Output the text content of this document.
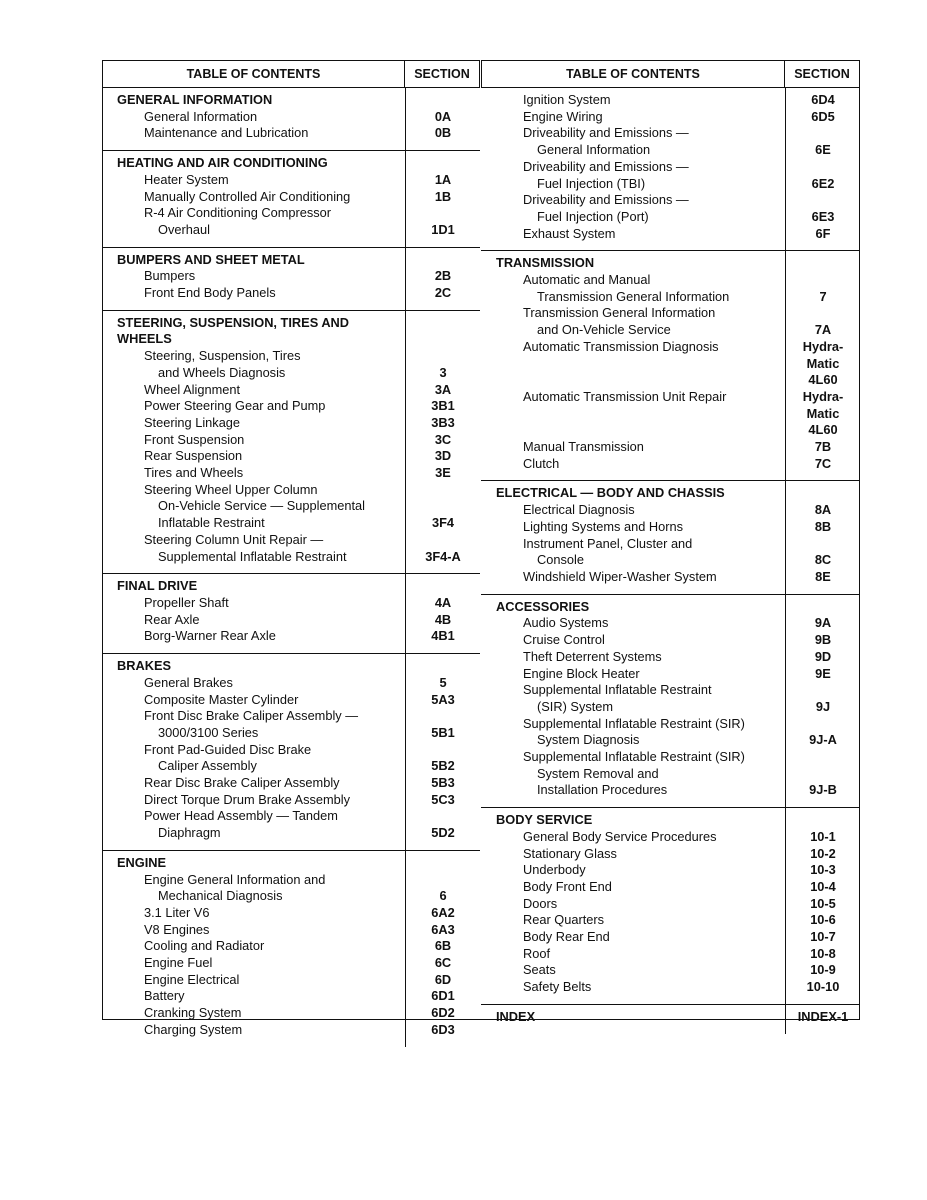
TABLE OF CONTENTS	SECTION
GENERAL INFORMATION
General Information	0A
Maintenance and Lubrication	0B
HEATING AND AIR CONDITIONING
Heater System	1A
Manually Controlled Air Conditioning	1B
R-4 Air Conditioning Compressor
Overhaul	1D1
BUMPERS AND SHEET METAL
Bumpers	2B
Front End Body Panels	2C
STEERING, SUSPENSION, TIRES AND
WHEELS
Steering, Suspension, Tires
and Wheels Diagnosis	3
Wheel Alignment	3A
Power Steering Gear and Pump	3B1
Steering Linkage	3B3
Front Suspension	3C
Rear Suspension	3D
Tires and Wheels	3E
Steering Wheel Upper Column
On-Vehicle Service — Supplemental
Inflatable Restraint	3F4
Steering Column Unit Repair —
Supplemental Inflatable Restraint	3F4-A
FINAL DRIVE
Propeller Shaft	4A
Rear Axle	4B
Borg-Warner Rear Axle	4B1
BRAKES
General Brakes	5
Composite Master Cylinder	5A3
Front Disc Brake Caliper Assembly —
3000/3100 Series	5B1
Front Pad-Guided Disc Brake
Caliper Assembly	5B2
Rear Disc Brake Caliper Assembly	5B3
Direct Torque Drum Brake Assembly	5C3
Power Head Assembly — Tandem
Diaphragm	5D2
ENGINE
Engine General Information and
Mechanical Diagnosis	6
3.1 Liter V6	6A2
V8 Engines	6A3
Cooling and Radiator	6B
Engine Fuel	6C
Engine Electrical	6D
Battery	6D1
Cranking System	6D2
Charging System	6D3
TABLE OF CONTENTS	SECTION
Ignition System	6D4
Engine Wiring	6D5
Driveability and Emissions —
General Information	6E
Driveability and Emissions —
Fuel Injection (TBI)	6E2
Driveability and Emissions —
Fuel Injection (Port)	6E3
Exhaust System	6F
TRANSMISSION
Automatic and Manual
Transmission General Information	7
Transmission General Information
and On-Vehicle Service	7A
Automatic Transmission Diagnosis	Hydra-
Matic
4L60
Automatic Transmission Unit Repair	Hydra-
Matic
4L60
Manual Transmission	7B
Clutch	7C
ELECTRICAL — BODY AND CHASSIS
Electrical Diagnosis	8A
Lighting Systems and Horns	8B
Instrument Panel, Cluster and
Console	8C
Windshield Wiper-Washer System	8E
ACCESSORIES
Audio Systems	9A
Cruise Control	9B
Theft Deterrent Systems	9D
Engine Block Heater	9E
Supplemental Inflatable Restraint
(SIR) System	9J
Supplemental Inflatable Restraint (SIR)
System Diagnosis	9J-A
Supplemental Inflatable Restraint (SIR)
System Removal and
Installation Procedures	9J-B
BODY SERVICE
General Body Service Procedures	10-1
Stationary Glass	10-2
Underbody	10-3
Body Front End	10-4
Doors	10-5
Rear Quarters	10-6
Body Rear End	10-7
Roof	10-8
Seats	10-9
Safety Belts	10-10
INDEX	INDEX-1
